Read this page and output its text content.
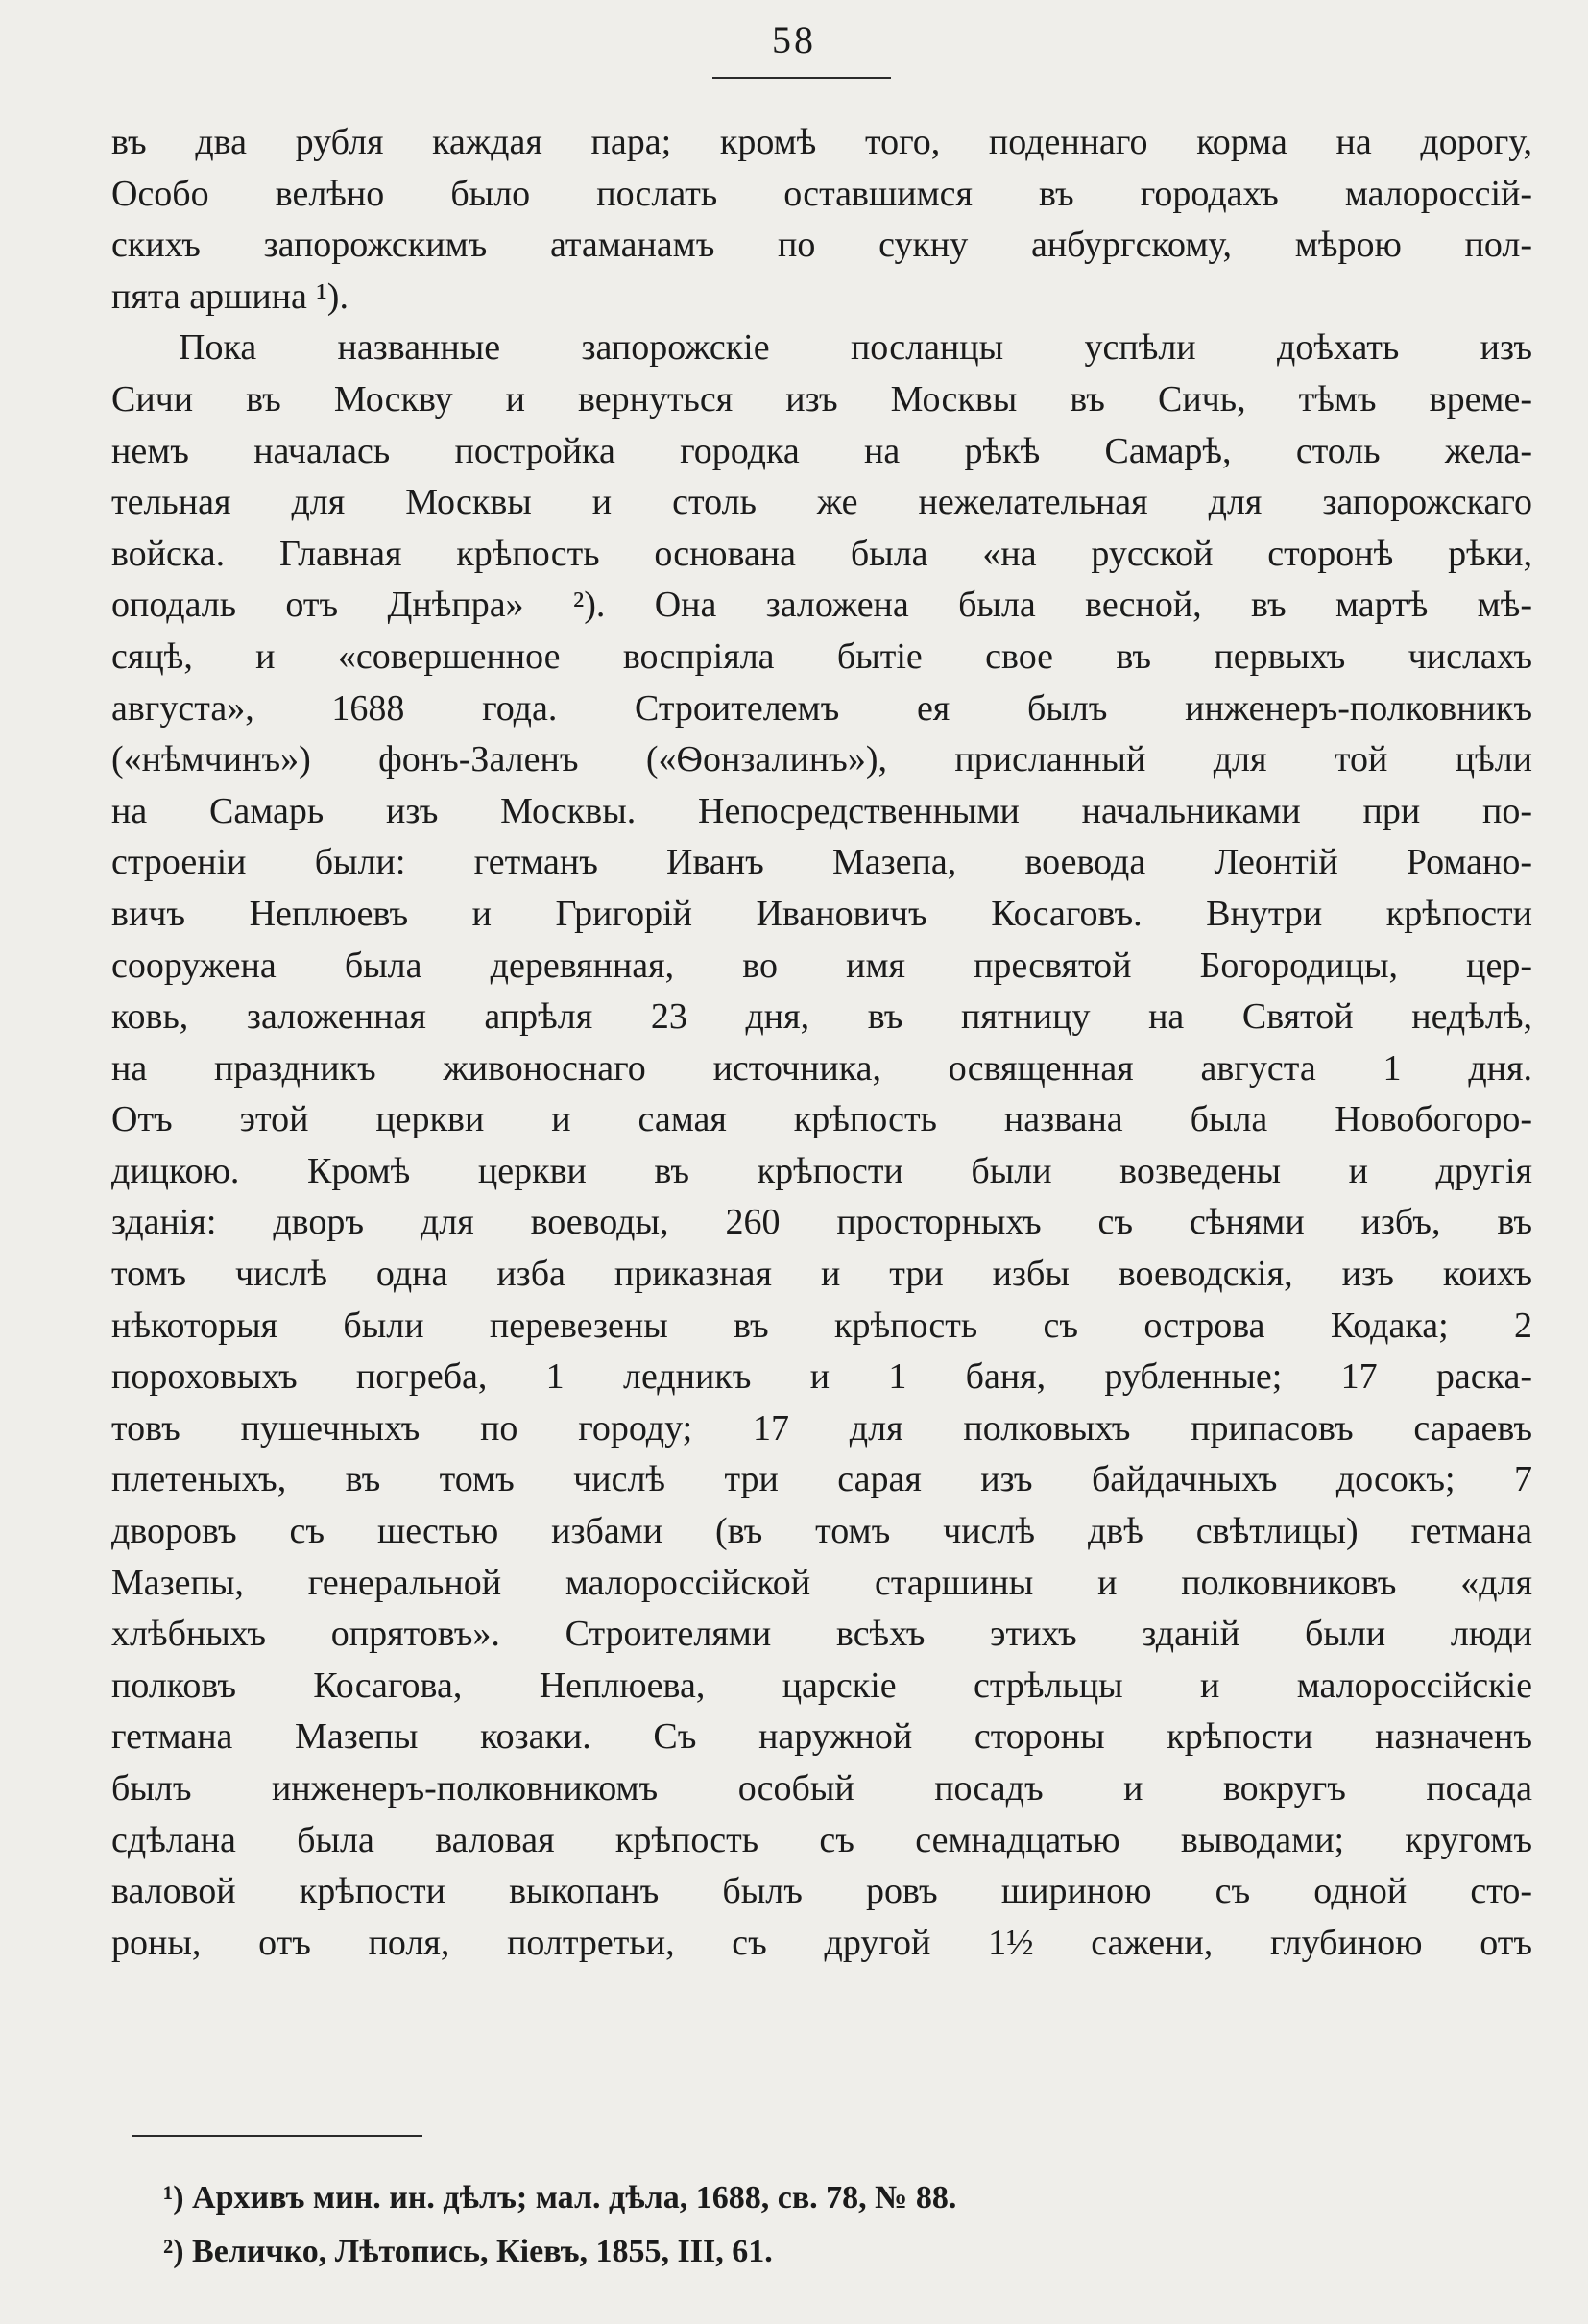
58
въ два рубля каждая пара; кромѣ того, поденнаго корма на дорогу,
Особо велѣно было послать оставшимся въ городахъ малороссій-
скихъ запорожскимъ атаманамъ по сукну анбургскому, мѣрою пол-
пята аршина ¹).
Пока названные запорожскіе посланцы успѣли доѣхать изъ
Сичи въ Москву и вернуться изъ Москвы въ Сичь, тѣмъ време-
немъ началась постройка городка на рѣкѣ Самарѣ, столь жела-
тельная для Москвы и столь же нежелательная для запорожскаго
войска. Главная крѣпость основана была «на русской сторонѣ рѣки,
оподаль отъ Днѣпра» ²). Она заложена была весной, въ мартѣ мѣ-
сяцѣ, и «совершенное воспріяла бытіе свое въ первыхъ числахъ
августа», 1688 года. Строителемъ ея былъ инженеръ-полковникъ
(«нѣмчинъ») фонъ-Заленъ («Ѳонзалинъ»), присланный для той цѣли
на Самарь изъ Москвы. Непосредственными начальниками при по-
строеніи были: гетманъ Иванъ Мазепа, воевода Леонтій Романо-
вичъ Неплюевъ и Григорій Ивановичъ Косаговъ. Внутри крѣпости
сооружена была деревянная, во имя пресвятой Богородицы, цер-
ковь, заложенная апрѣля 23 дня, въ пятницу на Святой недѣлѣ,
на праздникъ живоноснаго источника, освященная августа 1 дня.
Отъ этой церкви и самая крѣпость названа была Новобогоро-
дицкою. Кромѣ церкви въ крѣпости были возведены и другія
зданія: дворъ для воеводы, 260 просторныхъ съ сѣнями избъ, въ
томъ числѣ одна изба приказная и три избы воеводскія, изъ коихъ
нѣкоторыя были перевезены въ крѣпость съ острова Кодака; 2
пороховыхъ погреба, 1 ледникъ и 1 баня, рубленные; 17 раска-
товъ пушечныхъ по городу; 17 для полковыхъ припасовъ сараевъ
плетеныхъ, въ томъ числѣ три сарая изъ байдачныхъ досокъ; 7
дворовъ съ шестью избами (въ томъ числѣ двѣ свѣтлицы) гетмана
Мазепы, генеральной малороссійской старшины и полковниковъ «для
хлѣбныхъ опрятовъ». Строителями всѣхъ этихъ зданій были люди
полковъ Косагова, Неплюева, царскіе стрѣльцы и малороссійскіе
гетмана Мазепы козаки. Съ наружной стороны крѣпости назначенъ
былъ инженеръ-полковникомъ особый посадъ и вокругъ посада
сдѣлана была валовая крѣпость съ семнадцатью выводами; кругомъ
валовой крѣпости выкопанъ былъ ровъ шириною съ одной сто-
роны, отъ поля, полтретьи, съ другой 1½ сажени, глубиною отъ
¹) Архивъ мин. ин. дѣлъ; мал. дѣла, 1688, св. 78, № 88.
²) Величко, Лѣтопись, Кіевъ, 1855, III, 61.
